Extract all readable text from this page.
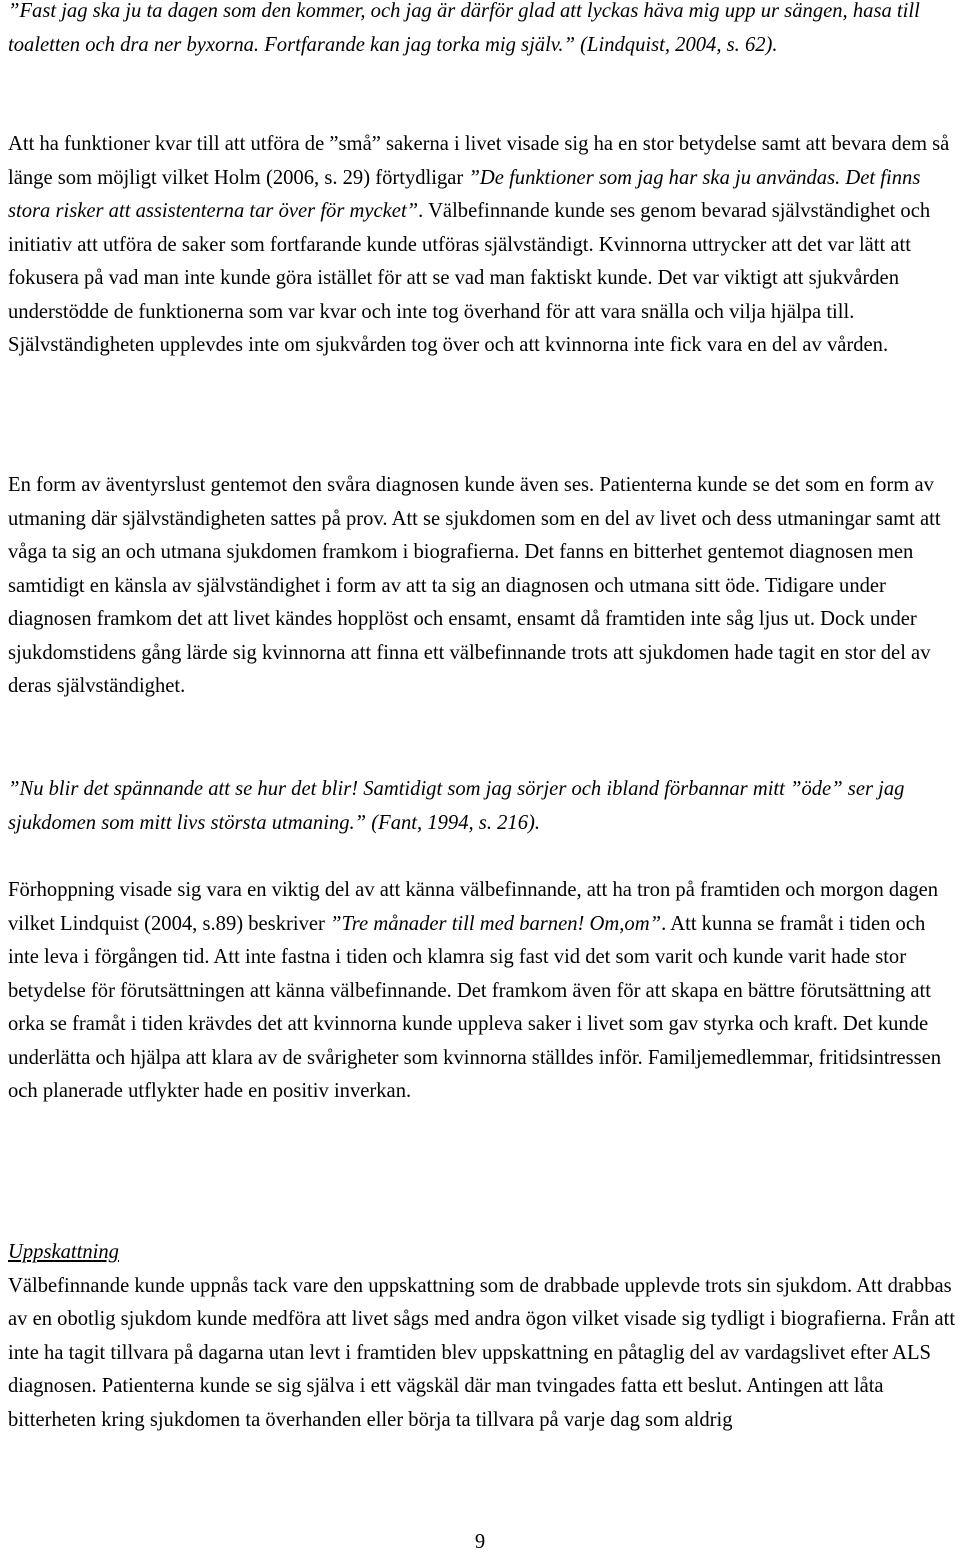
”Fast jag ska ju ta dagen som den kommer, och jag är därför glad att lyckas häva mig upp ur sängen, hasa till toaletten och dra ner byxorna. Fortfarande kan jag torka mig själv.” (Lindquist, 2004, s. 62).

Att ha funktioner kvar till att utföra de ”små” sakerna i livet visade sig ha en stor betydelse samt att bevara dem så länge som möjligt vilket Holm (2006, s. 29) förtydligar ”De funktioner som jag har ska ju användas. Det finns stora risker att assistenterna tar över för mycket”. Välbefinnande kunde ses genom bevarad självständighet och initiativ att utföra de saker som fortfarande kunde utföras självständigt. Kvinnorna uttrycker att det var lätt att fokusera på vad man inte kunde göra istället för att se vad man faktiskt kunde. Det var viktigt att sjukvården understödde de funktionerna som var kvar och inte tog överhand för att vara snälla och vilja hjälpa till. Självständigheten upplevdes inte om sjukvården tog över och att kvinnorna inte fick vara en del av vården.

En form av äventyrslust gentemot den svåra diagnosen kunde även ses. Patienterna kunde se det som en form av utmaning där självständigheten sattes på prov. Att se sjukdomen som en del av livet och dess utmaningar samt att våga ta sig an och utmana sjukdomen framkom i biografierna. Det fanns en bitterhet gentemot diagnosen men samtidigt en känsla av självständighet i form av att ta sig an diagnosen och utmana sitt öde. Tidigare under diagnosen framkom det att livet kändes hopplöst och ensamt, ensamt då framtiden inte såg ljus ut. Dock under sjukdomstidens gång lärde sig kvinnorna att finna ett välbefinnande trots att sjukdomen hade tagit en stor del av deras självständighet.

”Nu blir det spännande att se hur det blir! Samtidigt som jag sörjer och ibland förbannar mitt ”öde” ser jag sjukdomen som mitt livs största utmaning.” (Fant, 1994, s. 216).

Förhoppning visade sig vara en viktig del av att känna välbefinnande, att ha tron på framtiden och morgon dagen vilket Lindquist (2004, s.89) beskriver ”Tre månader till med barnen! Om,om”. Att kunna se framåt i tiden och inte leva i förgången tid. Att inte fastna i tiden och klamra sig fast vid det som varit och kunde varit hade stor betydelse för förutsättningen att känna välbefinnande. Det framkom även för att skapa en bättre förutsättning att orka se framåt i tiden krävdes det att kvinnorna kunde uppleva saker i livet som gav styrka och kraft. Det kunde underlätta och hjälpa att klara av de svårigheter som kvinnorna ställdes inför. Familjemedlemmar, fritidsintressen och planerade utflykter hade en positiv inverkan.

Uppskattning
Välbefinnande kunde uppnås tack vare den uppskattning som de drabbade upplevde trots sin sjukdom. Att drabbas av en obotlig sjukdom kunde medföra att livet sågs med andra ögon vilket visade sig tydligt i biografierna. Från att inte ha tagit tillvara på dagarna utan levt i framtiden blev uppskattning en påtaglig del av vardagslivet efter ALS diagnosen. Patienterna kunde se sig själva i ett vägskäl där man tvingades fatta ett beslut. Antingen att låta bitterheten kring sjukdomen ta överhanden eller börja ta tillvara på varje dag som aldrig

9
